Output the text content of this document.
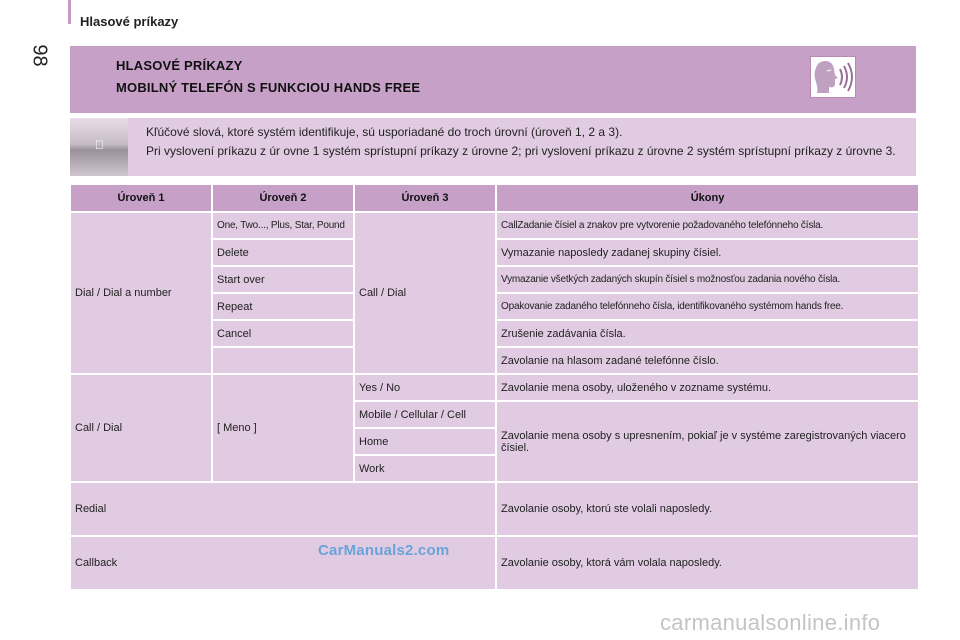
Hlasové príkazy
98	HLASOVÉ PRÍKAZY
MOBILNÝ TELEFÓN S FUNKCIOU HANDS FREE

Kľúčové slová, ktoré systém identifikuje, sú usporiadané do troch úrovní (úroveň 1, 2 a 3).

Pri vyslovení príkazu z úr ovne 1 systém sprístupní príkazy z úrovne 2; pri vyslovení príkazu z úrovne 2 systém sprístupní príkazy z úrovne 3.

Úroveň 1	Úroveň 2	Úroveň 3	Úkony
Dial / Dial a number	One, Two..., Plus, Star, Pound	Call / Dial	CallZadanie čísiel a znakov pre vytvorenie požadovaného telefónneho čísla.
	Delete		Vymazanie naposledy zadanej skupiny čísiel.
	Start over		Vymazanie všetkých zadaných skupín čísiel s možnosťou zadania nového čísla.
	Repeat		Opakovanie zadaného telefónneho čísla, identifikovaného systémom hands free.
	Cancel		Zrušenie zadávania čísla.
			Zavolanie na hlasom zadané telefónne číslo.
Call / Dial	[ Meno ]	Yes / No	Zavolanie mena osoby, uloženého v zozname systému.
		Mobile / Cellular / Cell	Zavolanie mena osoby s upresnením, pokiaľ je v systéme zaregistrovaných viacero čísiel.
		Home	
		Work	
Redial			Zavolanie osoby, ktorú ste volali naposledy.
Callback			Zavolanie osoby, ktorá vám volala naposledy.
CarManuals2.com
carmanualsonline.info
